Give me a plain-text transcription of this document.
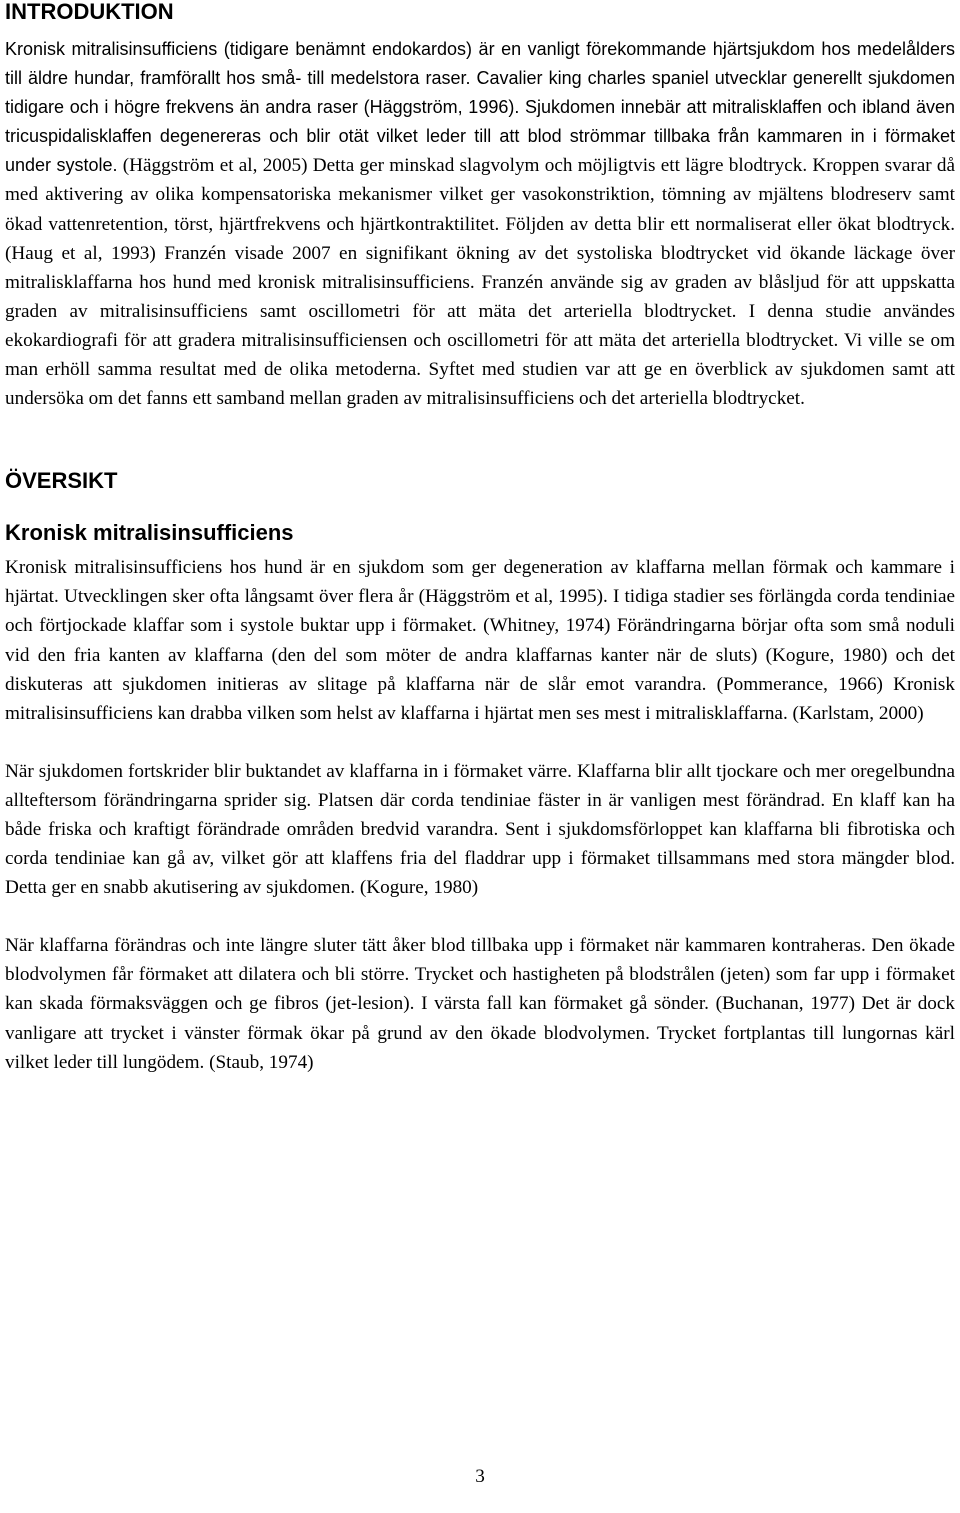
INTRODUKTION

Kronisk mitralisinsufficiens (tidigare benämnt endokardos) är en vanligt förekommande hjärtsjukdom hos medelålders till äldre hundar, framförallt hos små- till medelstora raser. Cavalier king charles spaniel utvecklar generellt sjukdomen tidigare och i högre frekvens än andra raser (Häggström, 1996). Sjukdomen innebär att mitralisklaffen och ibland även tricuspidalisklaffen degenereras och blir otät vilket leder till att blod strömmar tillbaka från kammaren in i förmaket under systole. (Häggström et al, 2005) Detta ger minskad slagvolym och möjligtvis ett lägre blodtryck. Kroppen svarar då med aktivering av olika kompensatoriska mekanismer vilket ger vasokonstriktion, tömning av mjältens blodreserv samt ökad vattenretention, törst, hjärtfrekvens och hjärtkontraktilitet. Följden av detta blir ett normaliserat eller ökat blodtryck. (Haug et al, 1993) Franzén visade 2007 en signifikant ökning av det systoliska blodtrycket vid ökande läckage över mitralisklaffarna hos hund med kronisk mitralisinsufficiens. Franzén använde sig av graden av blåsljud för att uppskatta graden av mitralisinsufficiens samt oscillometri för att mäta det arteriella blodtrycket. I denna studie användes ekokardiografi för att gradera mitralisinsufficiensen och oscillometri för att mäta det arteriella blodtrycket. Vi ville se om man erhöll samma resultat med de olika metoderna. Syftet med studien var att ge en överblick av sjukdomen samt att undersöka om det fanns ett samband mellan graden av mitralisinsufficiens och det arteriella blodtrycket.

ÖVERSIKT
Kronisk mitralisinsufficiens

Kronisk mitralisinsufficiens hos hund är en sjukdom som ger degeneration av klaffarna mellan förmak och kammare i hjärtat. Utvecklingen sker ofta långsamt över flera år (Häggström et al, 1995). I tidiga stadier ses förlängda corda tendiniae och förtjockade klaffar som i systole buktar upp i förmaket. (Whitney, 1974) Förändringarna börjar ofta som små noduli vid den fria kanten av klaffarna (den del som möter de andra klaffarnas kanter när de sluts) (Kogure, 1980) och det diskuteras att sjukdomen initieras av slitage på klaffarna när de slår emot varandra. (Pommerance, 1966) Kronisk mitralisinsufficiens kan drabba vilken som helst av klaffarna i hjärtat men ses mest i mitralisklaffarna. (Karlstam, 2000)

När sjukdomen fortskrider blir buktandet av klaffarna in i förmaket värre. Klaffarna blir allt tjockare och mer oregelbundna allteftersom förändringarna sprider sig. Platsen där corda tendiniae fäster in är vanligen mest förändrad. En klaff kan ha både friska och kraftigt förändrade områden bredvid varandra. Sent i sjukdomsförloppet kan klaffarna bli fibrotiska och corda tendiniae kan gå av, vilket gör att klaffens fria del fladdrar upp i förmaket tillsammans med stora mängder blod. Detta ger en snabb akutisering av sjukdomen. (Kogure, 1980)

När klaffarna förändras och inte längre sluter tätt åker blod tillbaka upp i förmaket när kammaren kontraheras. Den ökade blodvolymen får förmaket att dilatera och bli större. Trycket och hastigheten på blodstrålen (jeten) som far upp i förmaket kan skada förmaksväggen och ge fibros (jet-lesion). I värsta fall kan förmaket gå sönder. (Buchanan, 1977) Det är dock vanligare att trycket i vänster förmak ökar på grund av den ökade blodvolymen. Trycket fortplantas till lungornas kärl vilket leder till lungödem. (Staub, 1974)

3
